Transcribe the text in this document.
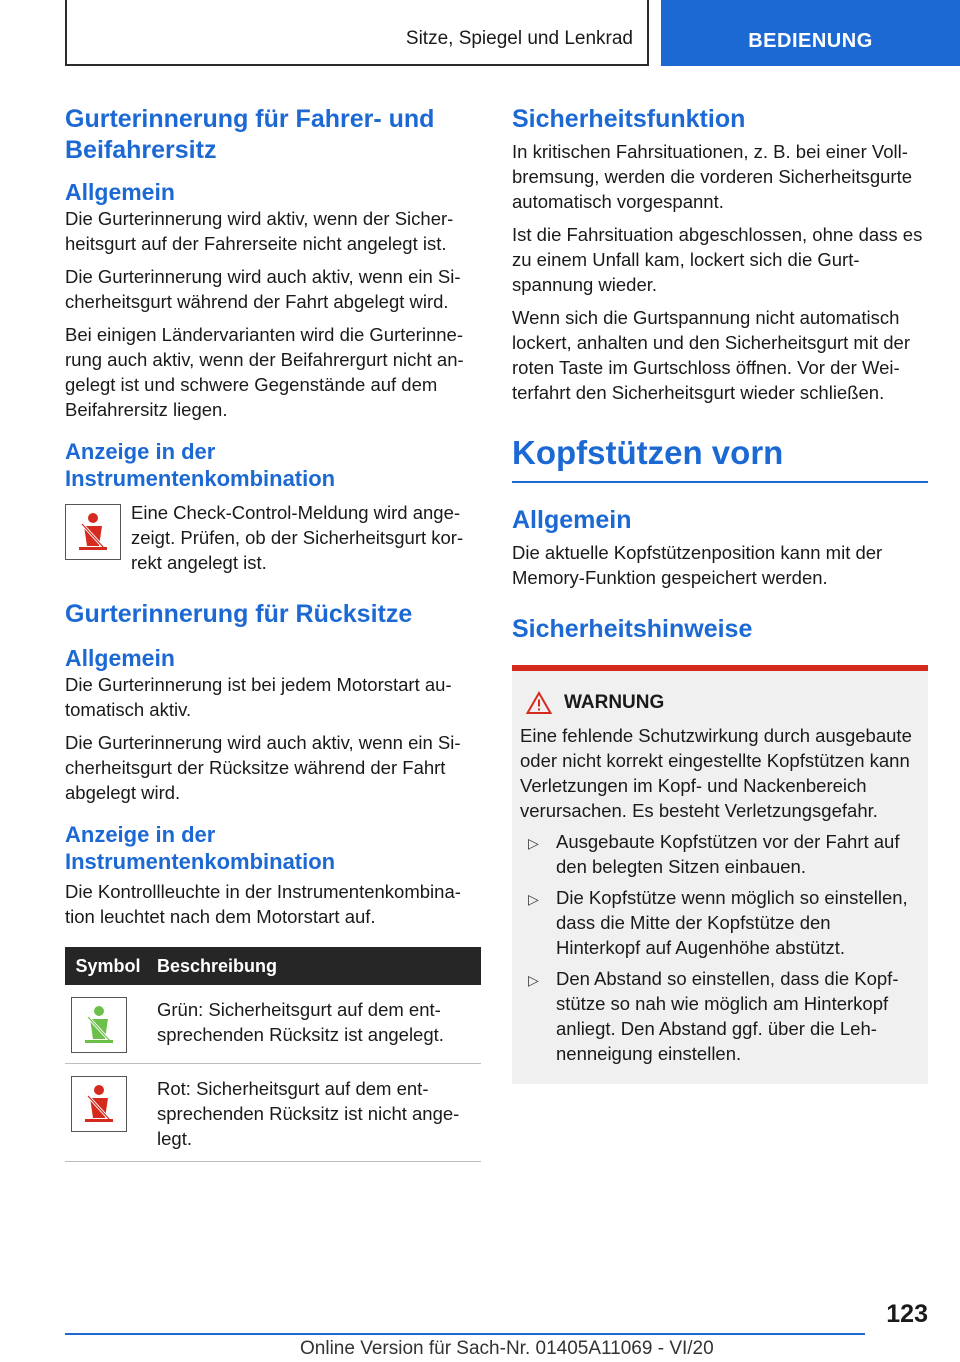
Sitze, Spiegel und Lenkrad	BEDIENUNG
Gurterinnerung für Fahrer- und Beifahrersitz
Allgemein

Die Gurterinnerung wird aktiv, wenn der Sicherheitsgurt auf der Fahrerseite nicht angelegt ist.

Die Gurterinnerung wird auch aktiv, wenn ein Sicherheitsgurt während der Fahrt abgelegt wird.

Bei einigen Ländervarianten wird die Gurterinnerung auch aktiv, wenn der Beifahrergurt nicht angelegt ist und schwere Gegenstände auf dem Beifahrersitz liegen.

Anzeige in der Instrumentenkombination

Eine Check-Control-Meldung wird angezeigt. Prüfen, ob der Sicherheitsgurt korrekt angelegt ist.

Gurterinnerung für Rücksitze
Allgemein

Die Gurterinnerung ist bei jedem Motorstart automatisch aktiv.

Die Gurterinnerung wird auch aktiv, wenn ein Sicherheitsgurt der Rücksitze während der Fahrt abgelegt wird.

Anzeige in der Instrumentenkombination

Die Kontrollleuchte in der Instrumentenkombination leuchtet nach dem Motorstart auf.

Symbol	Beschreibung

	Grün: Sicherheitsgurt auf dem entsprechenden Rücksitz ist angelegt.

	Rot: Sicherheitsgurt auf dem entsprechenden Rücksitz ist nicht angelegt.
Sicherheitsfunktion

In kritischen Fahrsituationen, z. B. bei einer Vollbremsung, werden die vorderen Sicherheitsgurte automatisch vorgespannt.

Ist die Fahrsituation abgeschlossen, ohne dass es zu einem Unfall kam, lockert sich die Gurtspannung wieder.

Wenn sich die Gurtspannung nicht automatisch lockert, anhalten und den Sicherheitsgurt mit der roten Taste im Gurtschloss öffnen. Vor der Weiterfahrt den Sicherheitsgurt wieder schließen.

Kopfstützen vorn
Allgemein

Die aktuelle Kopfstützenposition kann mit der Memory-Funktion gespeichert werden.

Sicherheitshinweise
WARNUNG

Eine fehlende Schutzwirkung durch ausgebaute oder nicht korrekt eingestellte Kopfstützen kann Verletzungen im Kopf- und Nackenbereich verursachen. Es besteht Verletzungsgefahr.

▷ Ausgebaute Kopfstützen vor der Fahrt auf den belegten Sitzen einbauen.
▷ Die Kopfstütze wenn möglich so einstellen, dass die Mitte der Kopfstütze den Hinterkopf auf Augenhöhe abstützt.
▷ Den Abstand so einstellen, dass die Kopfstütze so nah wie möglich am Hinterkopf anliegt. Den Abstand ggf. über die Lehnenneigung einstellen.
123
Online Version für Sach-Nr. 01405A11069 - VI/20
